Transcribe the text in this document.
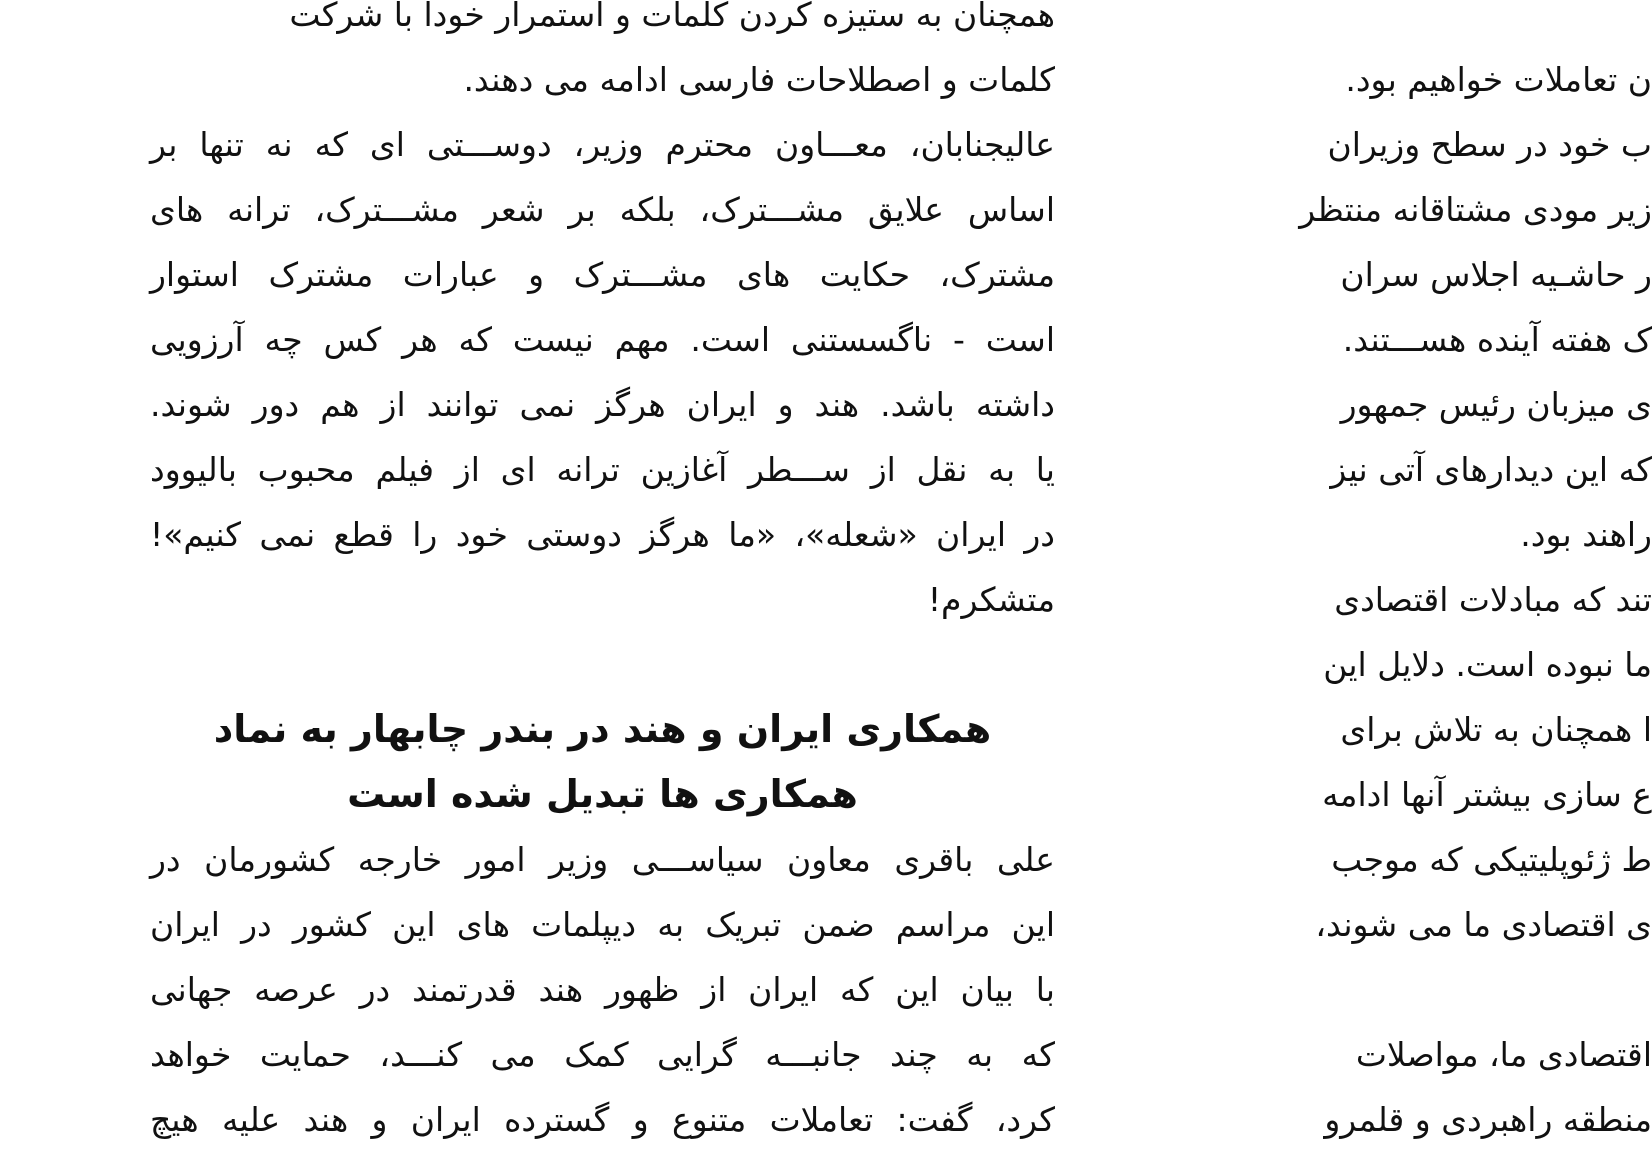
همچنان به ستیزه کردن کلمات و استمرار خودا با شرکت
کلمات و اصطلاحات فارسی ادامه می دهند.
عالیجنابان، معـــاون محترم وزیر، دوســـتی ای که نه تنها بر
اساس علایق مشـــترک، بلکه بر شعر مشـــترک، ترانه های
مشترک، حکایت های مشـــترک و عبارات مشترک استوار
است - ناگسستنی است. مهم نیست که هر کس چه آرزویی
داشته باشد. هند و ایران هرگز نمی توانند از هم دور شوند.
یا به نقل از ســـطر آغازین ترانه ای از فیلم محبوب بالیوود
در ایران «شعله»، «ما هرگز دوستی خود را قطع نمی کنیم»!
متشکرم!
همکاری ایران و هند در بندر چابهار به نماد
همکاری ها تبدیل شده است
علی باقری معاون سیاســـی وزیر امور خارجه کشورمان در
این مراسم ضمن تبریک به دیپلمات های این کشور در ایران
با بیان این که ایران از ظهور هند قدرتمند در عرصه جهانی
که به چند جانبـــه گرایی کمک می کنـــد، حمایت خواهد
کرد، گفت: تعاملات متنوع و گسترده ایران و هند علیه هیچ
ن تعاملات خواهیم بود.
ب خود در سطح وزیران
زیر مودی مشتاقانه منتظر
ر حاشـیه اجلاس سران
ک هفته آینده هســـتند.
ی میزبان رئیس جمهور
که این دیدارهای آتی نیز
راهند بود.
تند که مبادلات اقتصادی
ما نبوده است. دلایل این
ا همچنان به تلاش برای
ع سازی بیشتر آنها ادامه
ط ژئوپلیتیکی که موجب
ی اقتصادی ما می شوند،
اقتصادی ما، مواصلات
منطقه راهبردی و قلمرو
